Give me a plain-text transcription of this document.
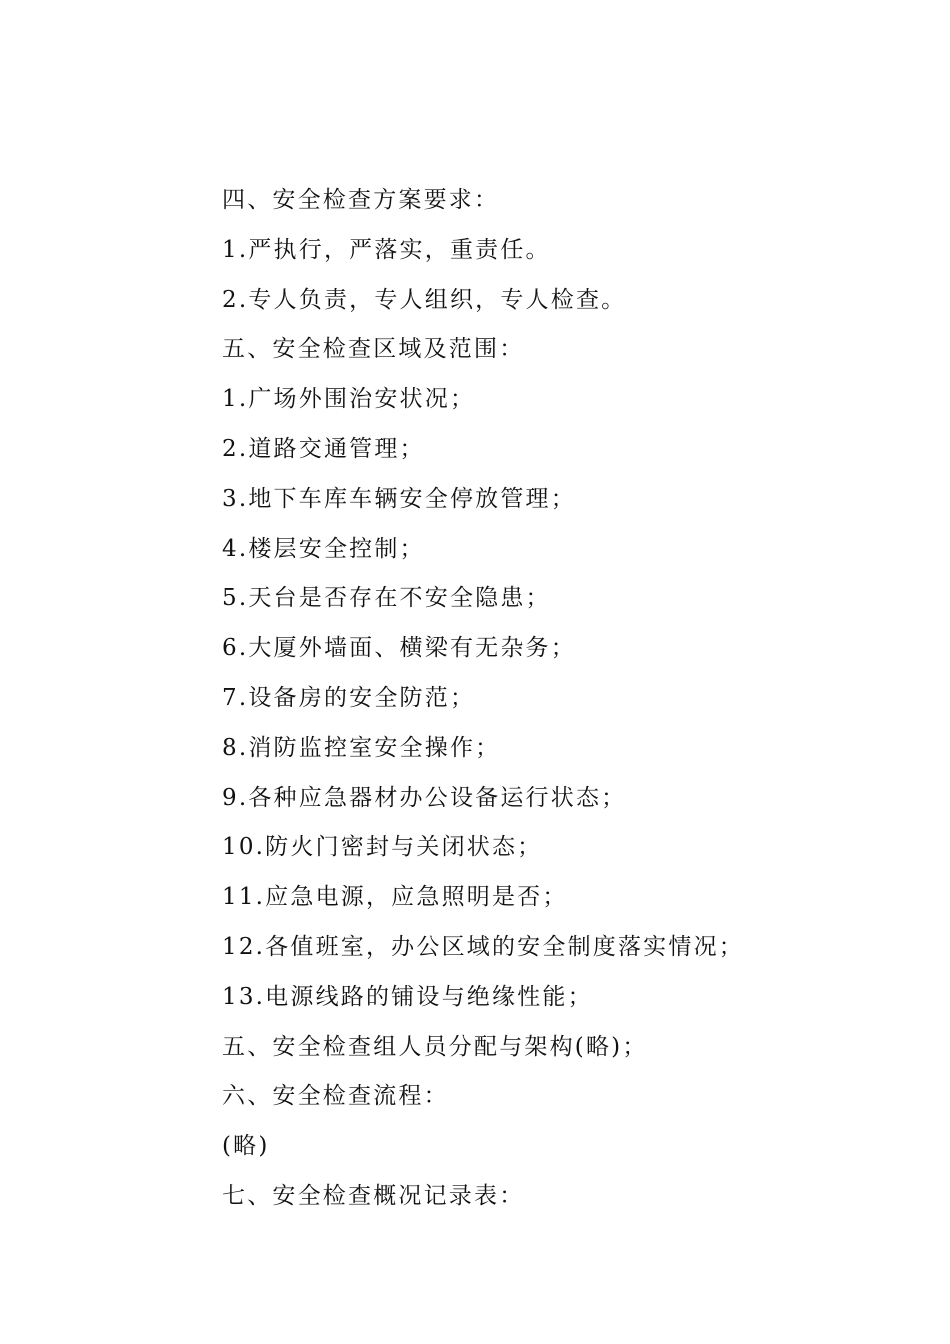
四、安全检查方案要求：
1.严执行，严落实，重责任。
2.专人负责，专人组织，专人检查。
五、安全检查区域及范围：
1.广场外围治安状况；
2.道路交通管理；
3.地下车库车辆安全停放管理；
4.楼层安全控制；
5.天台是否存在不安全隐患；
6.大厦外墙面、横梁有无杂务；
7.设备房的安全防范；
8.消防监控室安全操作；
9.各种应急器材办公设备运行状态；
10.防火门密封与关闭状态；
11.应急电源，应急照明是否；
12.各值班室，办公区域的安全制度落实情况；
13.电源线路的铺设与绝缘性能；
五、安全检查组人员分配与架构(略)；
六、安全检查流程：
(略)
七、安全检查概况记录表：
